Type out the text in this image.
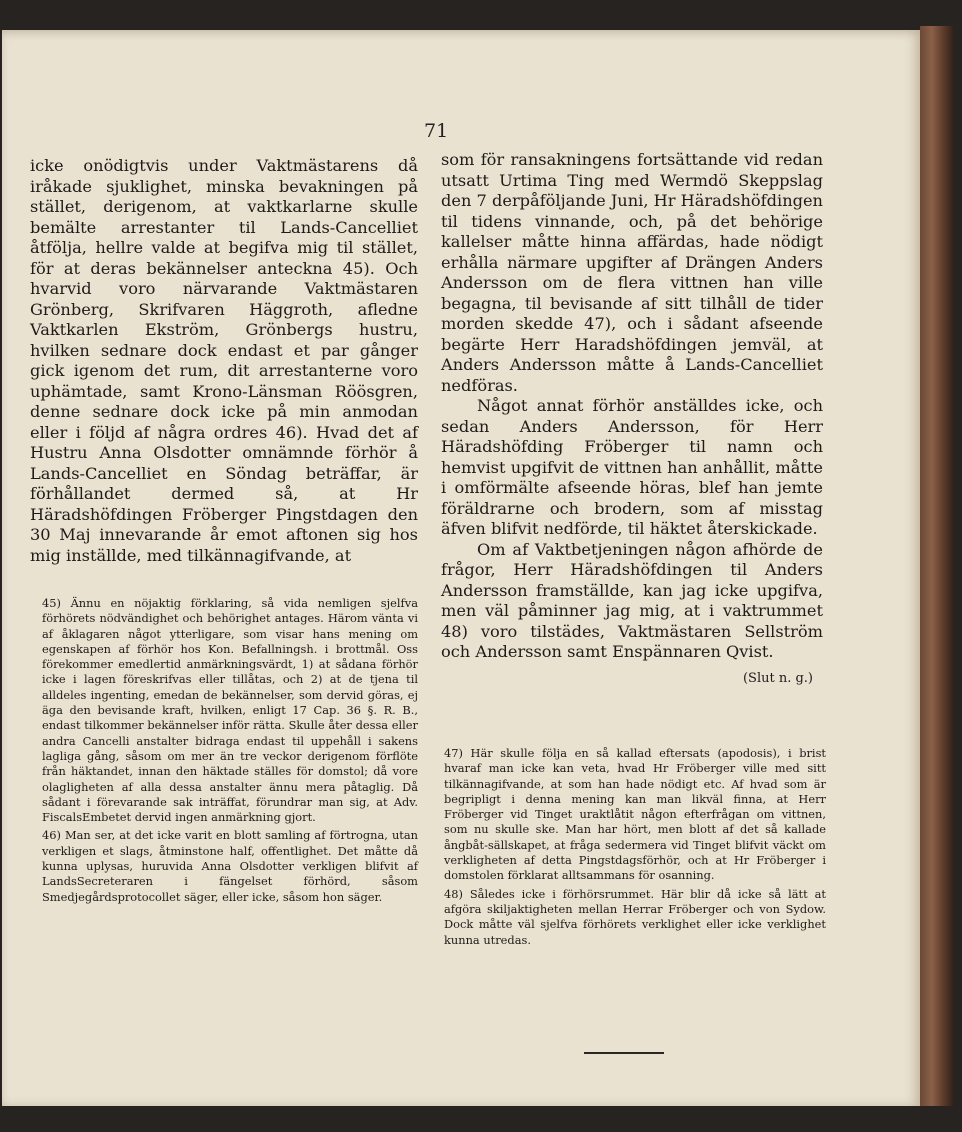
71

icke onödigtvis under Vaktmästarens då iråkade sjuklighet, minska bevakningen på stället, derigenom, at vaktkarlarne skulle bemälte arrestanter til Lands-Cancelliet åtfölja, hellre valde at begifva mig til stället, för at deras bekännelser anteckna 45). Och hvarvid voro närvarande Vaktmästaren Grönberg, Skrifvaren Häggroth, afledne Vaktkarlen Ekström, Grönbergs hustru, hvilken sednare dock endast et par gånger gick igenom det rum, dit arrestanterne voro uphämtade, samt Krono-Länsman Röösgren, denne sednare dock icke på min anmodan eller i följd af några ordres 46). Hvad det af Hustru Anna Olsdotter omnämnde förhör å Lands-Cancelliet en Söndag beträffar, är förhållandet dermed så, at Hr Häradshöfdingen Fröberger Pingstdagen den 30 Maj innevarande år emot aftonen sig hos mig inställde, med tilkännagifvande, at

45) Ännu en nöjaktig förklaring, så vida nemligen sjelfva förhörets nödvändighet och behörighet antages. Härom vänta vi af åklagaren något ytterligare, som visar hans mening om egenskapen af förhör hos Kon. Befallningsh. i brottmål. Oss förekommer emedlertid anmärkningsvärdt, 1) at sådana förhör icke i lagen föreskrifvas eller tillåtas, och 2) at de tjena til alldeles ingenting, emedan de bekännelser, som dervid göras, ej äga den bevisande kraft, hvilken, enligt 17 Cap. 36 §. R. B., endast tilkommer bekännelser inför rätta. Skulle åter dessa eller andra Cancelli anstalter bidraga endast til uppehåll i sakens lagliga gång, såsom om mer än tre veckor derigenom förflöte från häktandet, innan den häktade ställes för domstol; då vore olagligheten af alla dessa anstalter ännu mera påtaglig. Då sådant i förevarande sak inträffat, förundrar man sig, at Adv. FiscalsEmbetet dervid ingen anmärkning gjort.

46) Man ser, at det icke varit en blott samling af förtrogna, utan verkligen et slags, åtminstone half, offentlighet. Det måtte då kunna uplysas, huruvida Anna Olsdotter verkligen blifvit af LandsSecreteraren i fängelset förhörd, såsom Smedjegårdsprotocollet säger, eller icke, såsom hon säger.

som för ransakningens fortsättande vid redan utsatt Urtima Ting med Wermdö Skeppslag den 7 derpåföljande Juni, Hr Häradshöfdingen til tidens vinnande, och, på det behörige kallelser måtte hinna affärdas, hade nödigt erhålla närmare upgifter af Drängen Anders Andersson om de flera vittnen han ville begagna, til bevisande af sitt tilhåll de tider morden skedde 47), och i sådant afseende begärte Herr Haradshöfdingen jemväl, at Anders Andersson måtte å Lands-Cancelliet nedföras.

Något annat förhör anställdes icke, och sedan Anders Andersson, för Herr Häradshöfding Fröberger til namn och hemvist upgifvit de vittnen han anhållit, måtte i omförmälte afseende höras, blef han jemte föräldrarne och brodern, som af misstag äfven blifvit nedförde, til häktet återskickade.

Om af Vaktbetjeningen någon afhörde de frågor, Herr Häradshöfdingen til Anders Andersson framställde, kan jag icke upgifva, men väl påminner jag mig, at i vaktrummet 48) voro tilstädes, Vaktmästaren Sellström och Andersson samt Enspännaren Qvist.

(Slut n. g.)

47) Här skulle följa en så kallad eftersats (apodosis), i brist hvaraf man icke kan veta, hvad Hr Fröberger ville med sitt tilkännagifvande, at som han hade nödigt etc. Af hvad som är begripligt i denna mening kan man likväl finna, at Herr Fröberger vid Tinget uraktlåtit någon efterfrågan om vittnen, som nu skulle ske. Man har hört, men blott af det så kallade ångbåt-sällskapet, at fråga sedermera vid Tinget blifvit väckt om verkligheten af detta Pingstdagsförhör, och at Hr Fröberger i domstolen förklarat alltsammans för osanning.

48) Således icke i förhörsrummet. Här blir då icke så lätt at afgöra skiljaktigheten mellan Herrar Fröberger och von Sydow. Dock måtte väl sjelfva förhörets verklighet eller icke verklighet kunna utredas.
